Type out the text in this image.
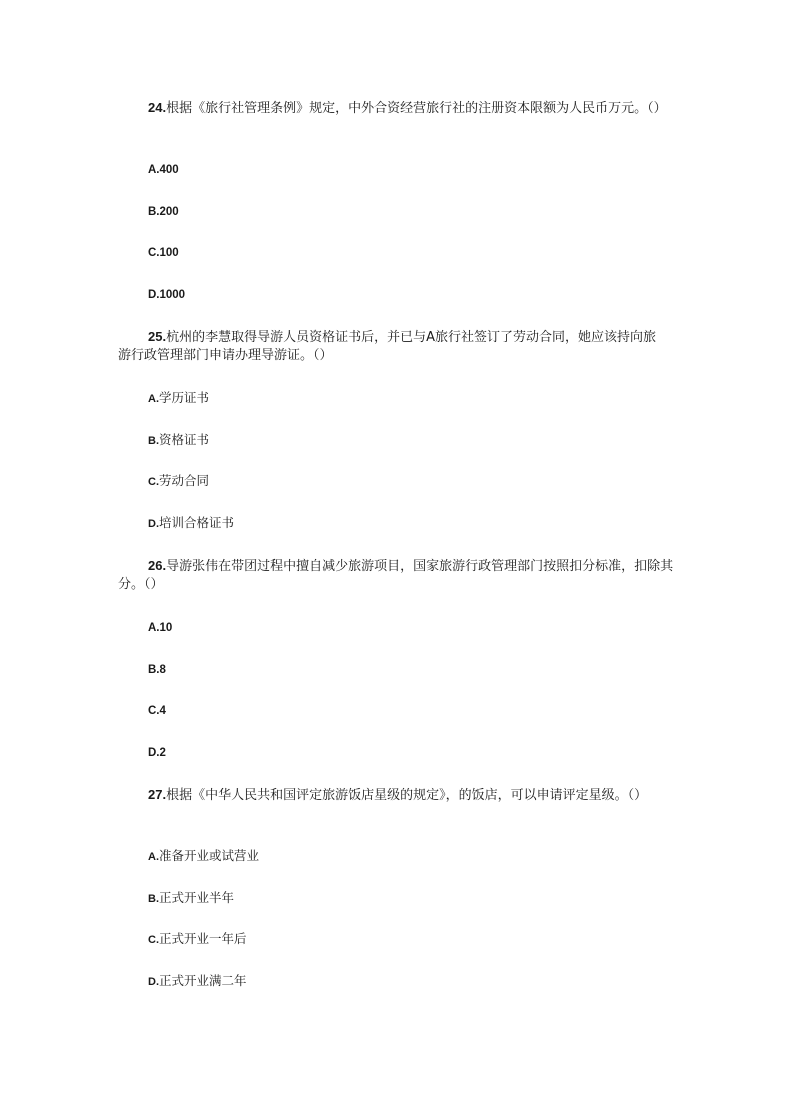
24.根据《旅行社管理条例》规定，中外合资经营旅行社的注册资本限额为人民币万元。（）
A.400
B.200
C.100
D.1000
25.杭州的李慧取得导游人员资格证书后，并已与A旅行社签订了劳动合同，她应该持向旅游行政管理部门申请办理导游证。（）
A.学历证书
B.资格证书
C.劳动合同
D.培训合格证书
26.导游张伟在带团过程中擅自减少旅游项目，国家旅游行政管理部门按照扣分标准，扣除其分。（）
A.10
B.8
C.4
D.2
27.根据《中华人民共和国评定旅游饭店星级的规定》，的饭店，可以申请评定星级。（）
A.准备开业或试营业
B.正式开业半年
C.正式开业一年后
D.正式开业满二年
